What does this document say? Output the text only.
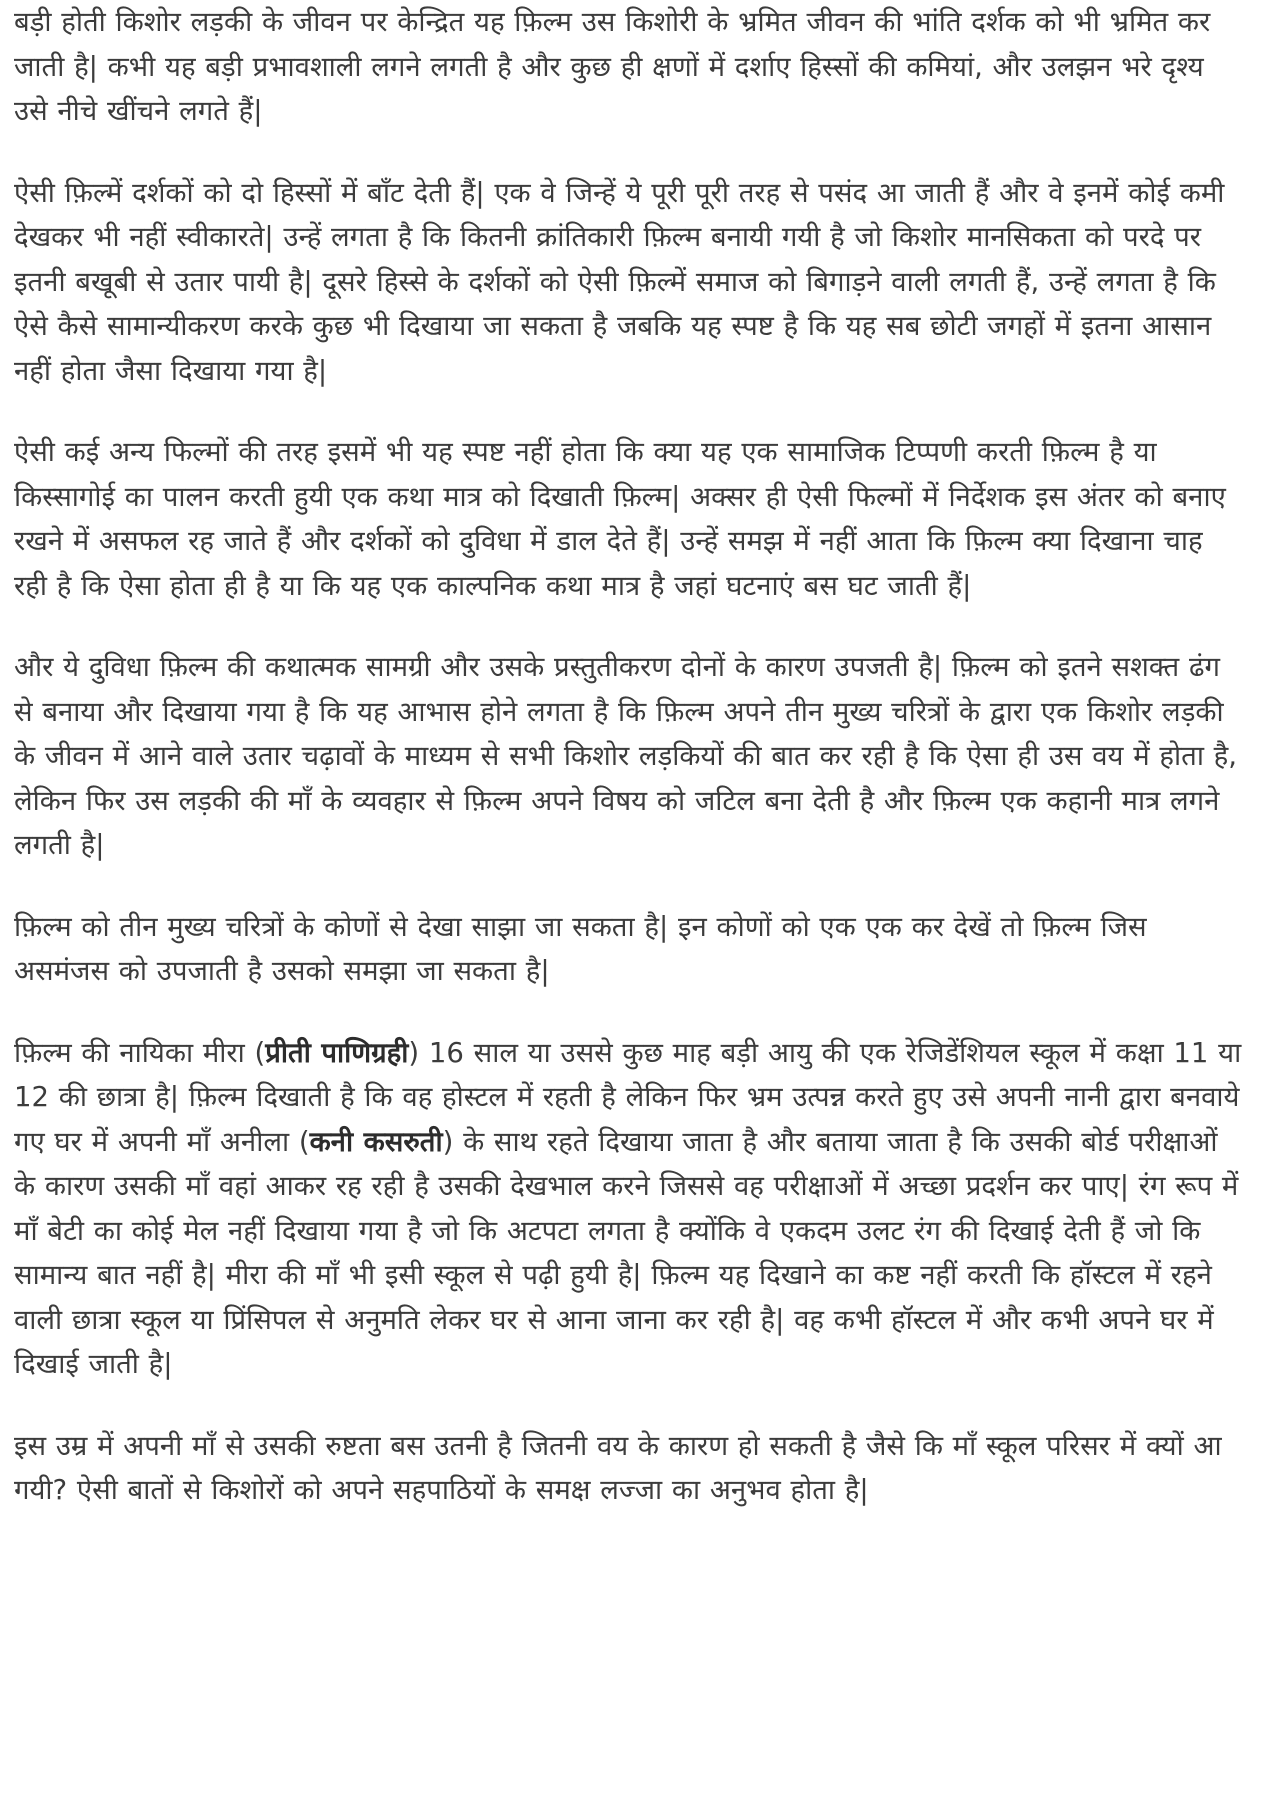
बड़ी होती किशोर लड़की के जीवन पर केन्द्रित यह फ़िल्म उस किशोरी के भ्रमित जीवन की भांति दर्शक को भी भ्रमित कर जाती है| कभी यह बड़ी प्रभावशाली लगने लगती है और कुछ ही क्षणों में दर्शाए हिस्सों की कमियां, और उलझन भरे दृश्य उसे नीचे खींचने लगते हैं|

ऐसी फ़िल्में दर्शकों को दो हिस्सों में बाँट देती हैं| एक वे जिन्हें ये पूरी पूरी तरह से पसंद आ जाती हैं और वे इनमें कोई कमी देखकर भी नहीं स्वीकारते| उन्हें लगता है कि कितनी क्रांतिकारी फ़िल्म बनायी गयी है जो किशोर मानसिकता को परदे पर इतनी बखूबी से उतार पायी है| दूसरे हिस्से के दर्शकों को ऐसी फ़िल्में समाज को बिगाड़ने वाली लगती हैं, उन्हें लगता है कि ऐसे कैसे सामान्यीकरण करके कुछ भी दिखाया जा सकता है जबकि यह स्पष्ट है कि यह सब छोटी जगहों में इतना आसान नहीं होता जैसा दिखाया गया है|

ऐसी कई अन्य फिल्मों की तरह इसमें भी यह स्पष्ट नहीं होता कि क्या यह एक सामाजिक टिप्पणी करती फ़िल्म है या किस्सागोई का पालन करती हुयी एक कथा मात्र को दिखाती फ़िल्म| अक्सर ही ऐसी फिल्मों में निर्देशक इस अंतर को बनाए रखने में असफल रह जाते हैं और दर्शकों को दुविधा में डाल देते हैं| उन्हें समझ में नहीं आता कि फ़िल्म क्या दिखाना चाह रही है कि ऐसा होता ही है या कि यह एक काल्पनिक कथा मात्र है जहां घटनाएं बस घट जाती हैं|

और ये दुविधा फ़िल्म की कथात्मक सामग्री और उसके प्रस्तुतीकरण दोनों के कारण उपजती है| फ़िल्म को इतने सशक्त ढंग से बनाया और दिखाया गया है कि यह आभास होने लगता है कि फ़िल्म अपने तीन मुख्य चरित्रों के द्वारा एक किशोर लड़की के जीवन में आने वाले उतार चढ़ावों के माध्यम से सभी किशोर लड़कियों की बात कर रही है कि ऐसा ही उस वय में होता है, लेकिन फिर उस लड़की की माँ के व्यवहार से फ़िल्म अपने विषय को जटिल बना देती है और फ़िल्म एक कहानी मात्र लगने लगती है|

फ़िल्म को तीन मुख्य चरित्रों के कोणों से देखा साझा जा सकता है| इन कोणों को एक एक कर देखें तो फ़िल्म जिस असमंजस को उपजाती है उसको समझा जा सकता है|

फ़िल्म की नायिका मीरा (प्रीती पाणिग्रही) 16 साल या उससे कुछ माह बड़ी आयु की एक रेजिडेंशियल स्कूल में कक्षा 11 या 12 की छात्रा है| फ़िल्म दिखाती है कि वह होस्टल में रहती है लेकिन फिर भ्रम उत्पन्न करते हुए उसे अपनी नानी द्वारा बनवाये गए घर में अपनी माँ अनीला (कनी कसरुती) के साथ रहते दिखाया जाता है और बताया जाता है कि उसकी बोर्ड परीक्षाओं के कारण उसकी माँ वहां आकर रह रही है उसकी देखभाल करने जिससे वह परीक्षाओं में अच्छा प्रदर्शन कर पाए| रंग रूप में माँ बेटी का कोई मेल नहीं दिखाया गया है जो कि अटपटा लगता है क्योंकि वे एकदम उलट रंग की दिखाई देती हैं जो कि सामान्य बात नहीं है| मीरा की माँ भी इसी स्कूल से पढ़ी हुयी है| फ़िल्म यह दिखाने का कष्ट नहीं करती कि हॉस्टल में रहने वाली छात्रा स्कूल या प्रिंसिपल से अनुमति लेकर घर से आना जाना कर रही है| वह कभी हॉस्टल में और कभी अपने घर में दिखाई जाती है|

इस उम्र में अपनी माँ से उसकी रुष्टता बस उतनी है जितनी वय के कारण हो सकती है जैसे कि माँ स्कूल परिसर में क्यों आ गयी? ऐसी बातों से किशोरों को अपने सहपाठियों के समक्ष लज्जा का अनुभव होता है|
